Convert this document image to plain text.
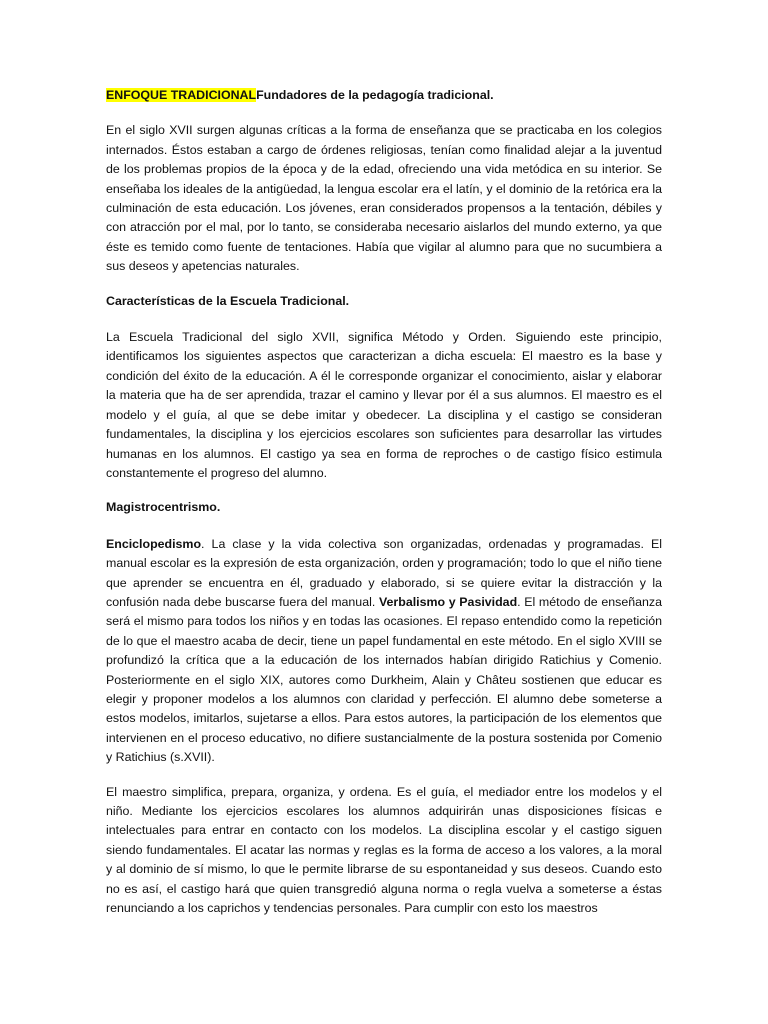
ENFOQUE TRADICIONALFundadores de la pedagogía tradicional.

En el siglo XVII surgen algunas críticas a la forma de enseñanza que se practicaba en los colegios internados. Éstos estaban a cargo de órdenes religiosas, tenían como finalidad alejar a la juventud de los problemas propios de la época y de la edad, ofreciendo una vida metódica en su interior. Se enseñaba los ideales de la antigüedad, la lengua escolar era el latín, y el dominio de la retórica era la culminación de esta educación. Los jóvenes, eran considerados propensos a la tentación, débiles y con atracción por el mal, por lo tanto, se consideraba necesario aislarlos del mundo externo, ya que éste es temido como fuente de tentaciones. Había que vigilar al alumno para que no sucumbiera a sus deseos y apetencias naturales.

Características de la Escuela Tradicional.

La Escuela Tradicional del siglo XVII, significa Método y Orden. Siguiendo este principio, identificamos los siguientes aspectos que caracterizan a dicha escuela: El maestro es la base y condición del éxito de la educación. A él le corresponde organizar el conocimiento, aislar y elaborar la materia que ha de ser aprendida, trazar el camino y llevar por él a sus alumnos. El maestro es el modelo y el guía, al que se debe imitar y obedecer. La disciplina y el castigo se consideran fundamentales, la disciplina y los ejercicios escolares son suficientes para desarrollar las virtudes humanas en los alumnos. El castigo ya sea en forma de reproches o de castigo físico estimula constantemente el progreso del alumno.

Magistrocentrismo.

Enciclopedismo. La clase y la vida colectiva son organizadas, ordenadas y programadas. El manual escolar es la expresión de esta organización, orden y programación; todo lo que el niño tiene que aprender se encuentra en él, graduado y elaborado, si se quiere evitar la distracción y la confusión nada debe buscarse fuera del manual. Verbalismo y Pasividad. El método de enseñanza será el mismo para todos los niños y en todas las ocasiones. El repaso entendido como la repetición de lo que el maestro acaba de decir, tiene un papel fundamental en este método. En el siglo XVIII se profundizó la crítica que a la educación de los internados habían dirigido Ratichius y Comenio. Posteriormente en el siglo XIX, autores como Durkheim, Alain y Châteu sostienen que educar es elegir y proponer modelos a los alumnos con claridad y perfección. El alumno debe someterse a estos modelos, imitarlos, sujetarse a ellos. Para estos autores, la participación de los elementos que intervienen en el proceso educativo, no difiere sustancialmente de la postura sostenida por Comenio y Ratichius (s.XVII).

El maestro simplifica, prepara, organiza, y ordena. Es el guía, el mediador entre los modelos y el niño. Mediante los ejercicios escolares los alumnos adquirirán unas disposiciones físicas e intelectuales para entrar en contacto con los modelos. La disciplina escolar y el castigo siguen siendo fundamentales. El acatar las normas y reglas es la forma de acceso a los valores, a la moral y al dominio de sí mismo, lo que le permite librarse de su espontaneidad y sus deseos. Cuando esto no es así, el castigo hará que quien transgredió alguna norma o regla vuelva a someterse a éstas renunciando a los caprichos y tendencias personales. Para cumplir con esto los maestros
